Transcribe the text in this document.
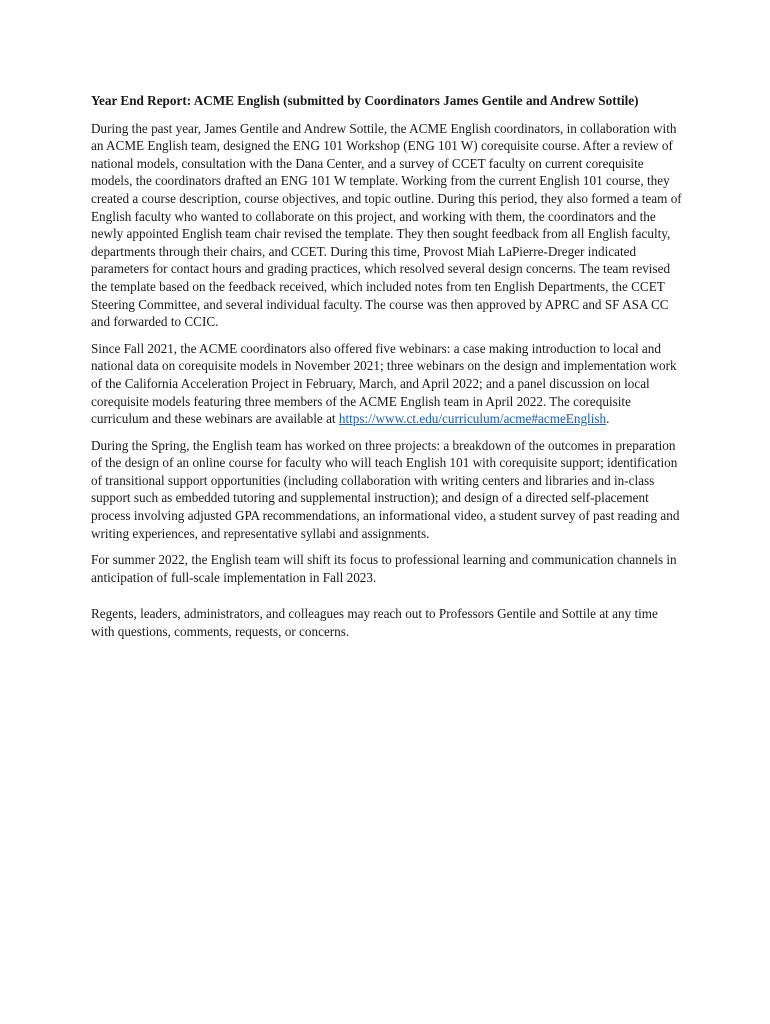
Year End Report: ACME English (submitted by Coordinators James Gentile and Andrew Sottile)

During the past year, James Gentile and Andrew Sottile, the ACME English coordinators, in collaboration with an ACME English team, designed the ENG 101 Workshop (ENG 101 W) corequisite course. After a review of national models, consultation with the Dana Center, and a survey of CCET faculty on current corequisite models, the coordinators drafted an ENG 101 W template. Working from the current English 101 course, they created a course description, course objectives, and topic outline. During this period, they also formed a team of English faculty who wanted to collaborate on this project, and working with them, the coordinators and the newly appointed English team chair revised the template. They then sought feedback from all English faculty, departments through their chairs, and CCET. During this time, Provost Miah LaPierre-Dreger indicated parameters for contact hours and grading practices, which resolved several design concerns. The team revised the template based on the feedback received, which included notes from ten English Departments, the CCET Steering Committee, and several individual faculty. The course was then approved by APRC and SF ASA CC and forwarded to CCIC.

Since Fall 2021, the ACME coordinators also offered five webinars: a case making introduction to local and national data on corequisite models in November 2021; three webinars on the design and implementation work of the California Acceleration Project in February, March, and April 2022; and a panel discussion on local corequisite models featuring three members of the ACME English team in April 2022. The corequisite curriculum and these webinars are available at https://www.ct.edu/curriculum/acme#acmeEnglish.

During the Spring, the English team has worked on three projects: a breakdown of the outcomes in preparation of the design of an online course for faculty who will teach English 101 with corequisite support; identification of transitional support opportunities (including collaboration with writing centers and libraries and in-class support such as embedded tutoring and supplemental instruction); and design of a directed self-placement process involving adjusted GPA recommendations, an informational video, a student survey of past reading and writing experiences, and representative syllabi and assignments.

For summer 2022, the English team will shift its focus to professional learning and communication channels in anticipation of full-scale implementation in Fall 2023.

Regents, leaders, administrators, and colleagues may reach out to Professors Gentile and Sottile at any time with questions, comments, requests, or concerns.
